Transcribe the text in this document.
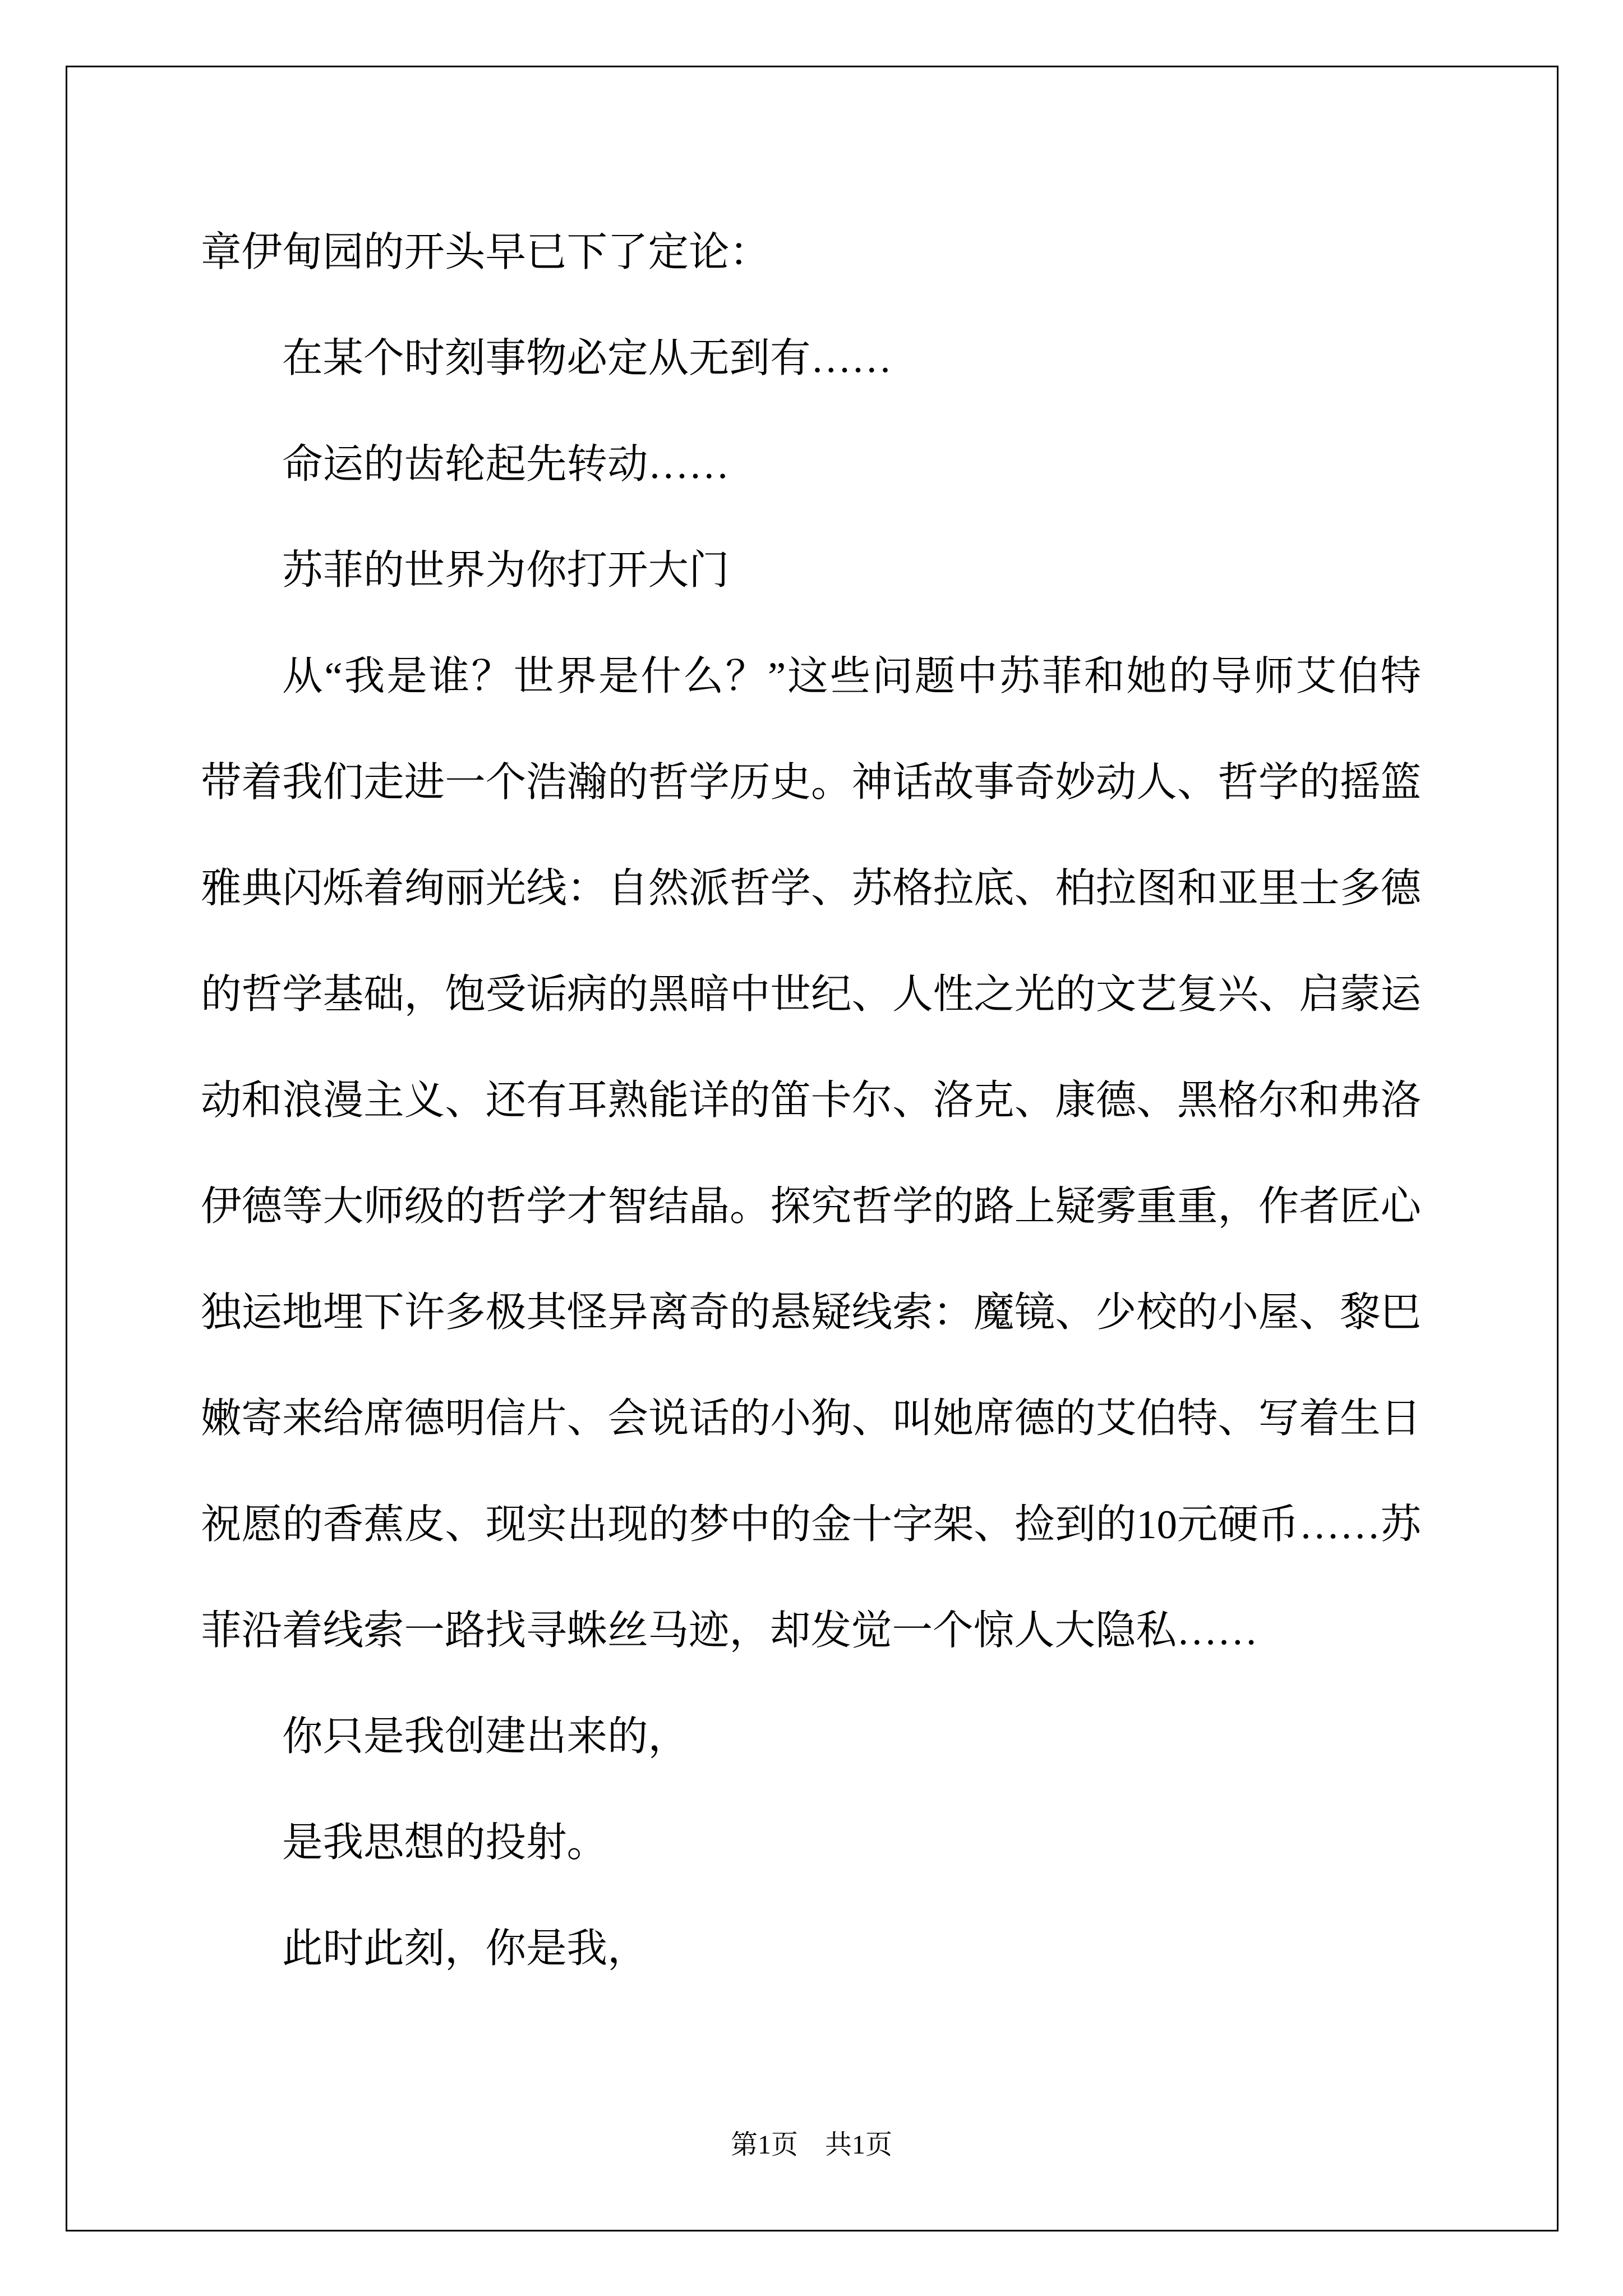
章伊甸园的开头早已下了定论：
在某个时刻事物必定从无到有……
命运的齿轮起先转动……
苏菲的世界为你打开大门
从“我是谁？世界是什么？”这些问题中苏菲和她的导师艾伯特
带着我们走进一个浩瀚的哲学历史。神话故事奇妙动人、哲学的摇篮
雅典闪烁着绚丽光线：自然派哲学、苏格拉底、柏拉图和亚里士多德
的哲学基础，饱受诟病的黑暗中世纪、人性之光的文艺复兴、启蒙运
动和浪漫主义、还有耳熟能详的笛卡尔、洛克、康德、黑格尔和弗洛
伊德等大师级的哲学才智结晶。探究哲学的路上疑雾重重，作者匠心
独运地埋下许多极其怪异离奇的悬疑线索：魔镜、少校的小屋、黎巴
嫩寄来给席德明信片、会说话的小狗、叫她席德的艾伯特、写着生日
祝愿的香蕉皮、现实出现的梦中的金十字架、捡到的10元硬币……苏
菲沿着线索一路找寻蛛丝马迹，却发觉一个惊人大隐私……
你只是我创建出来的，
是我思想的投射。
此时此刻，你是我，
第1页 共1页
